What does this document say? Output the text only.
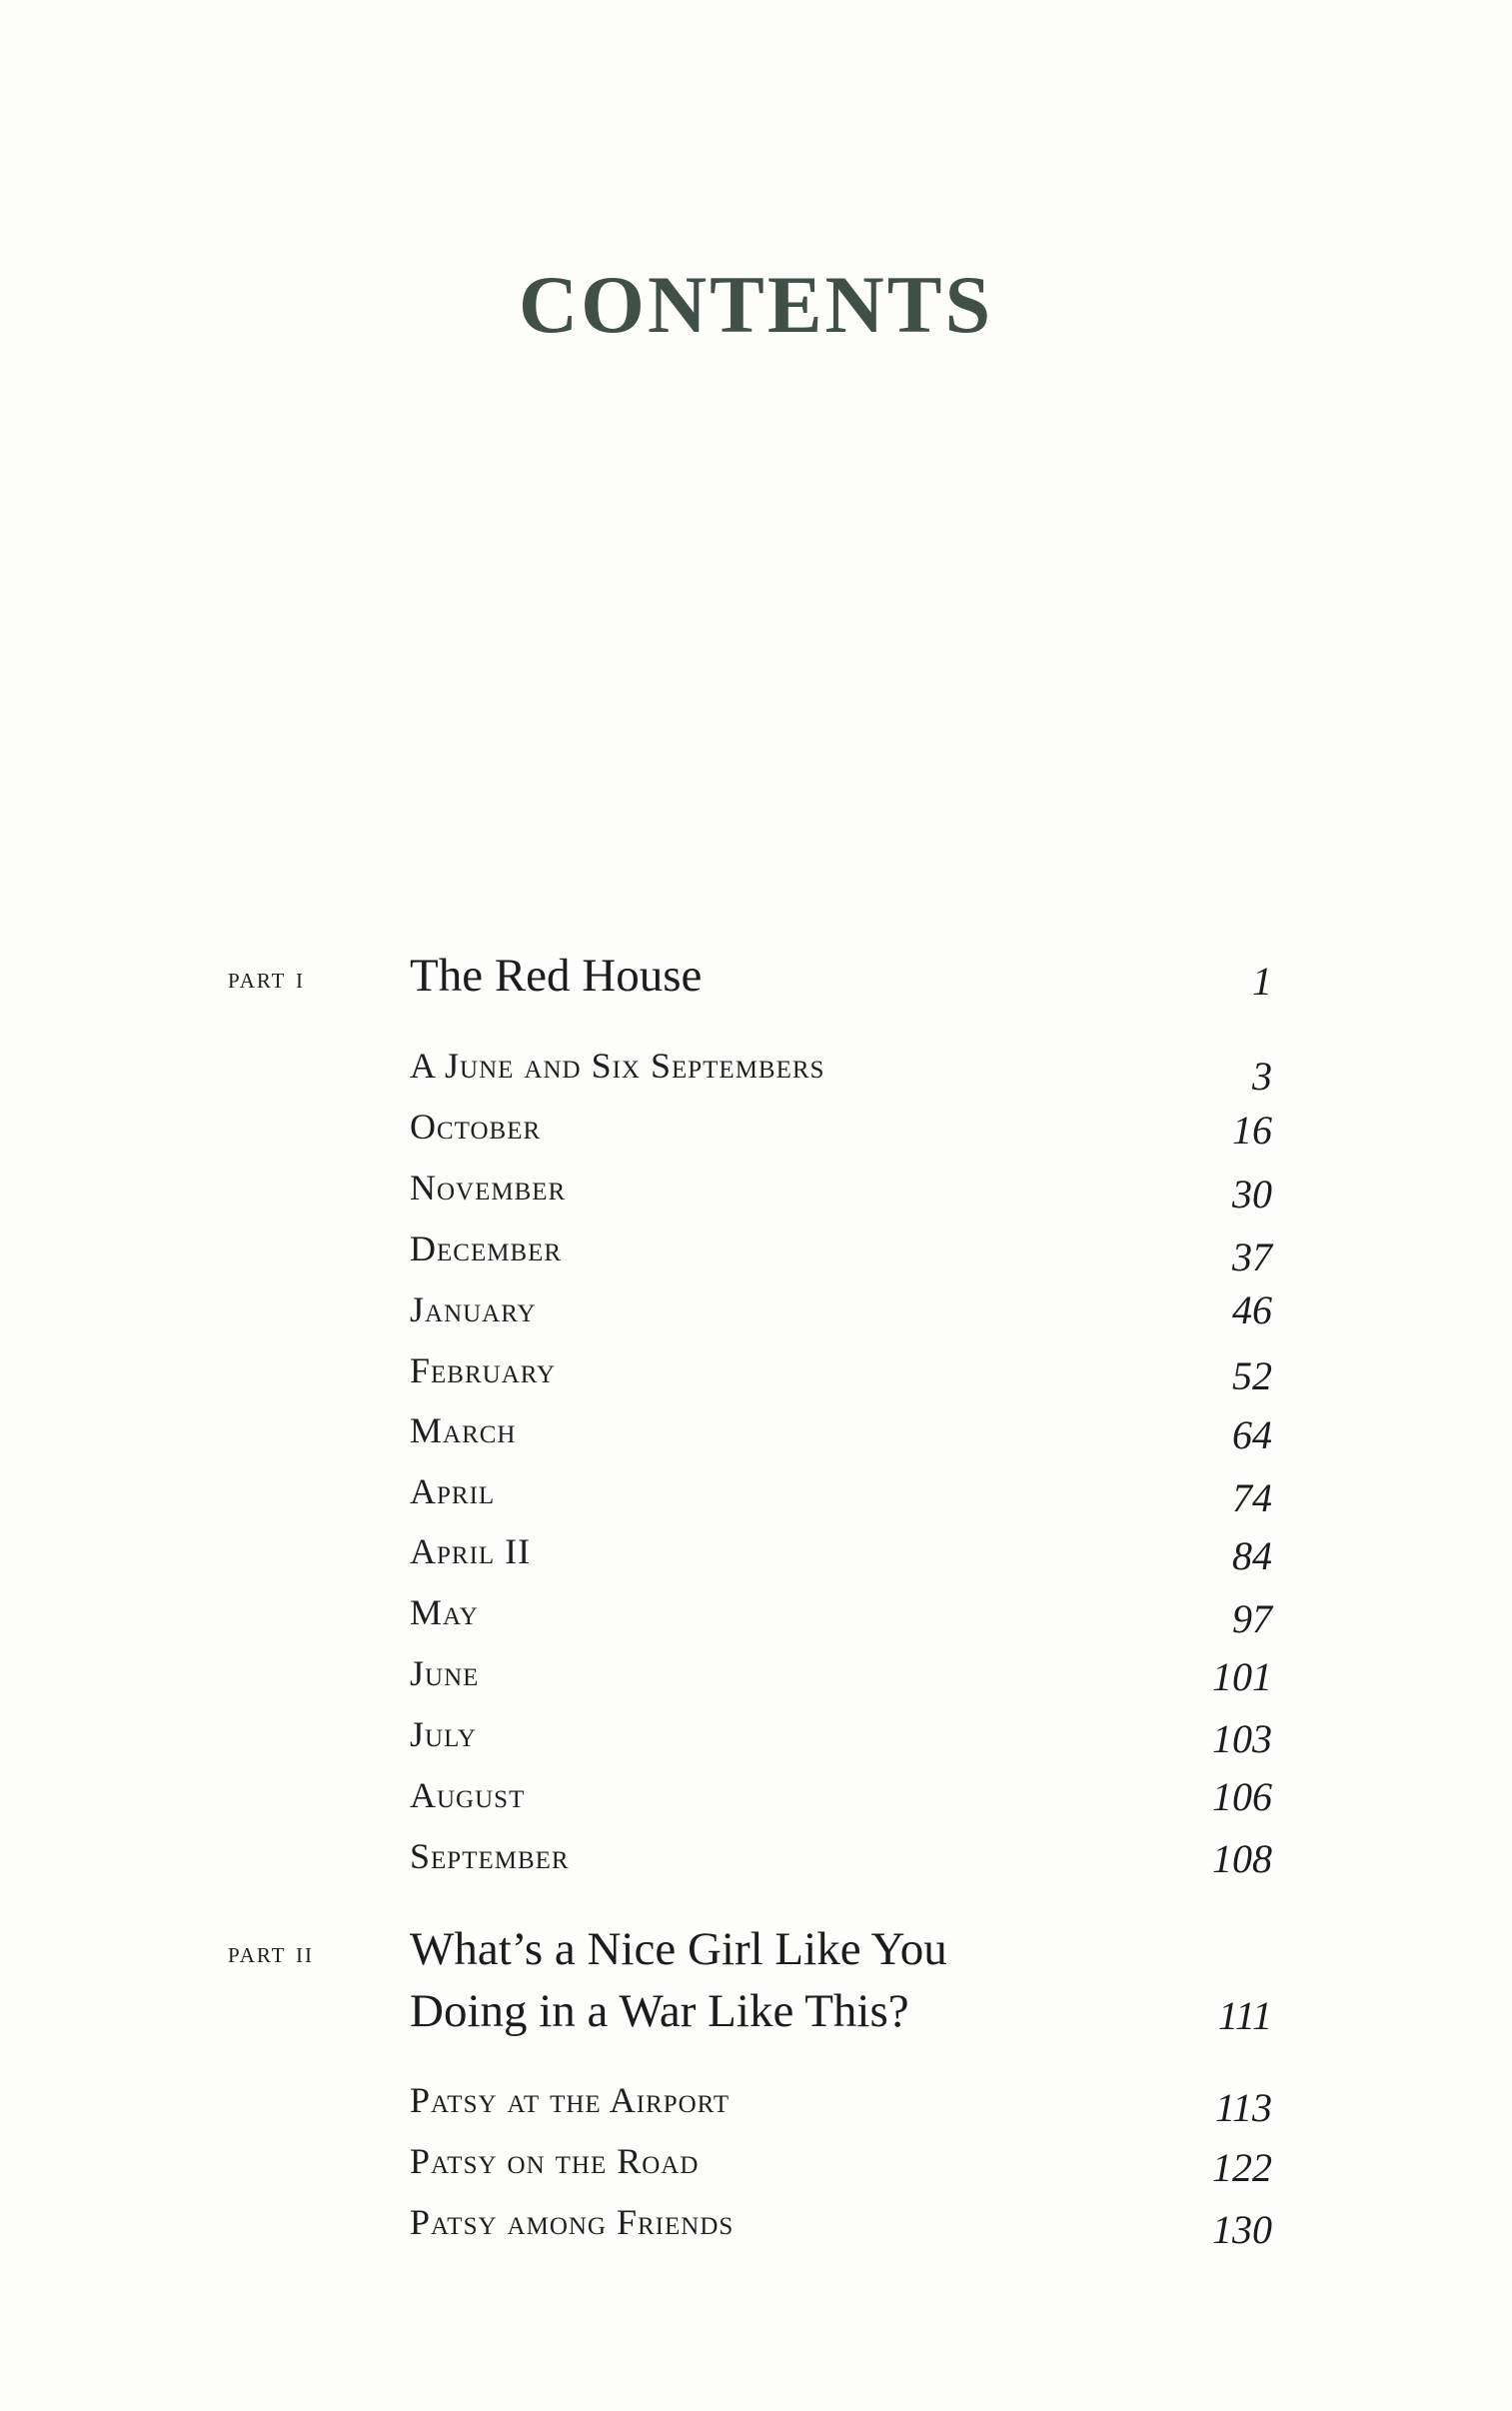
CONTENTS
part i The Red House	1
A June and Six Septembers	3
October	16
November	30
December	37
January	46
February	52
March	64
April	74
April II	84
May	97
June	101
July	103
August	106
September	108
part ii What’s a Nice Girl Like You
Doing in a War Like This?	111
Patsy at the Airport	113
Patsy on the Road	122
Patsy among Friends	130
